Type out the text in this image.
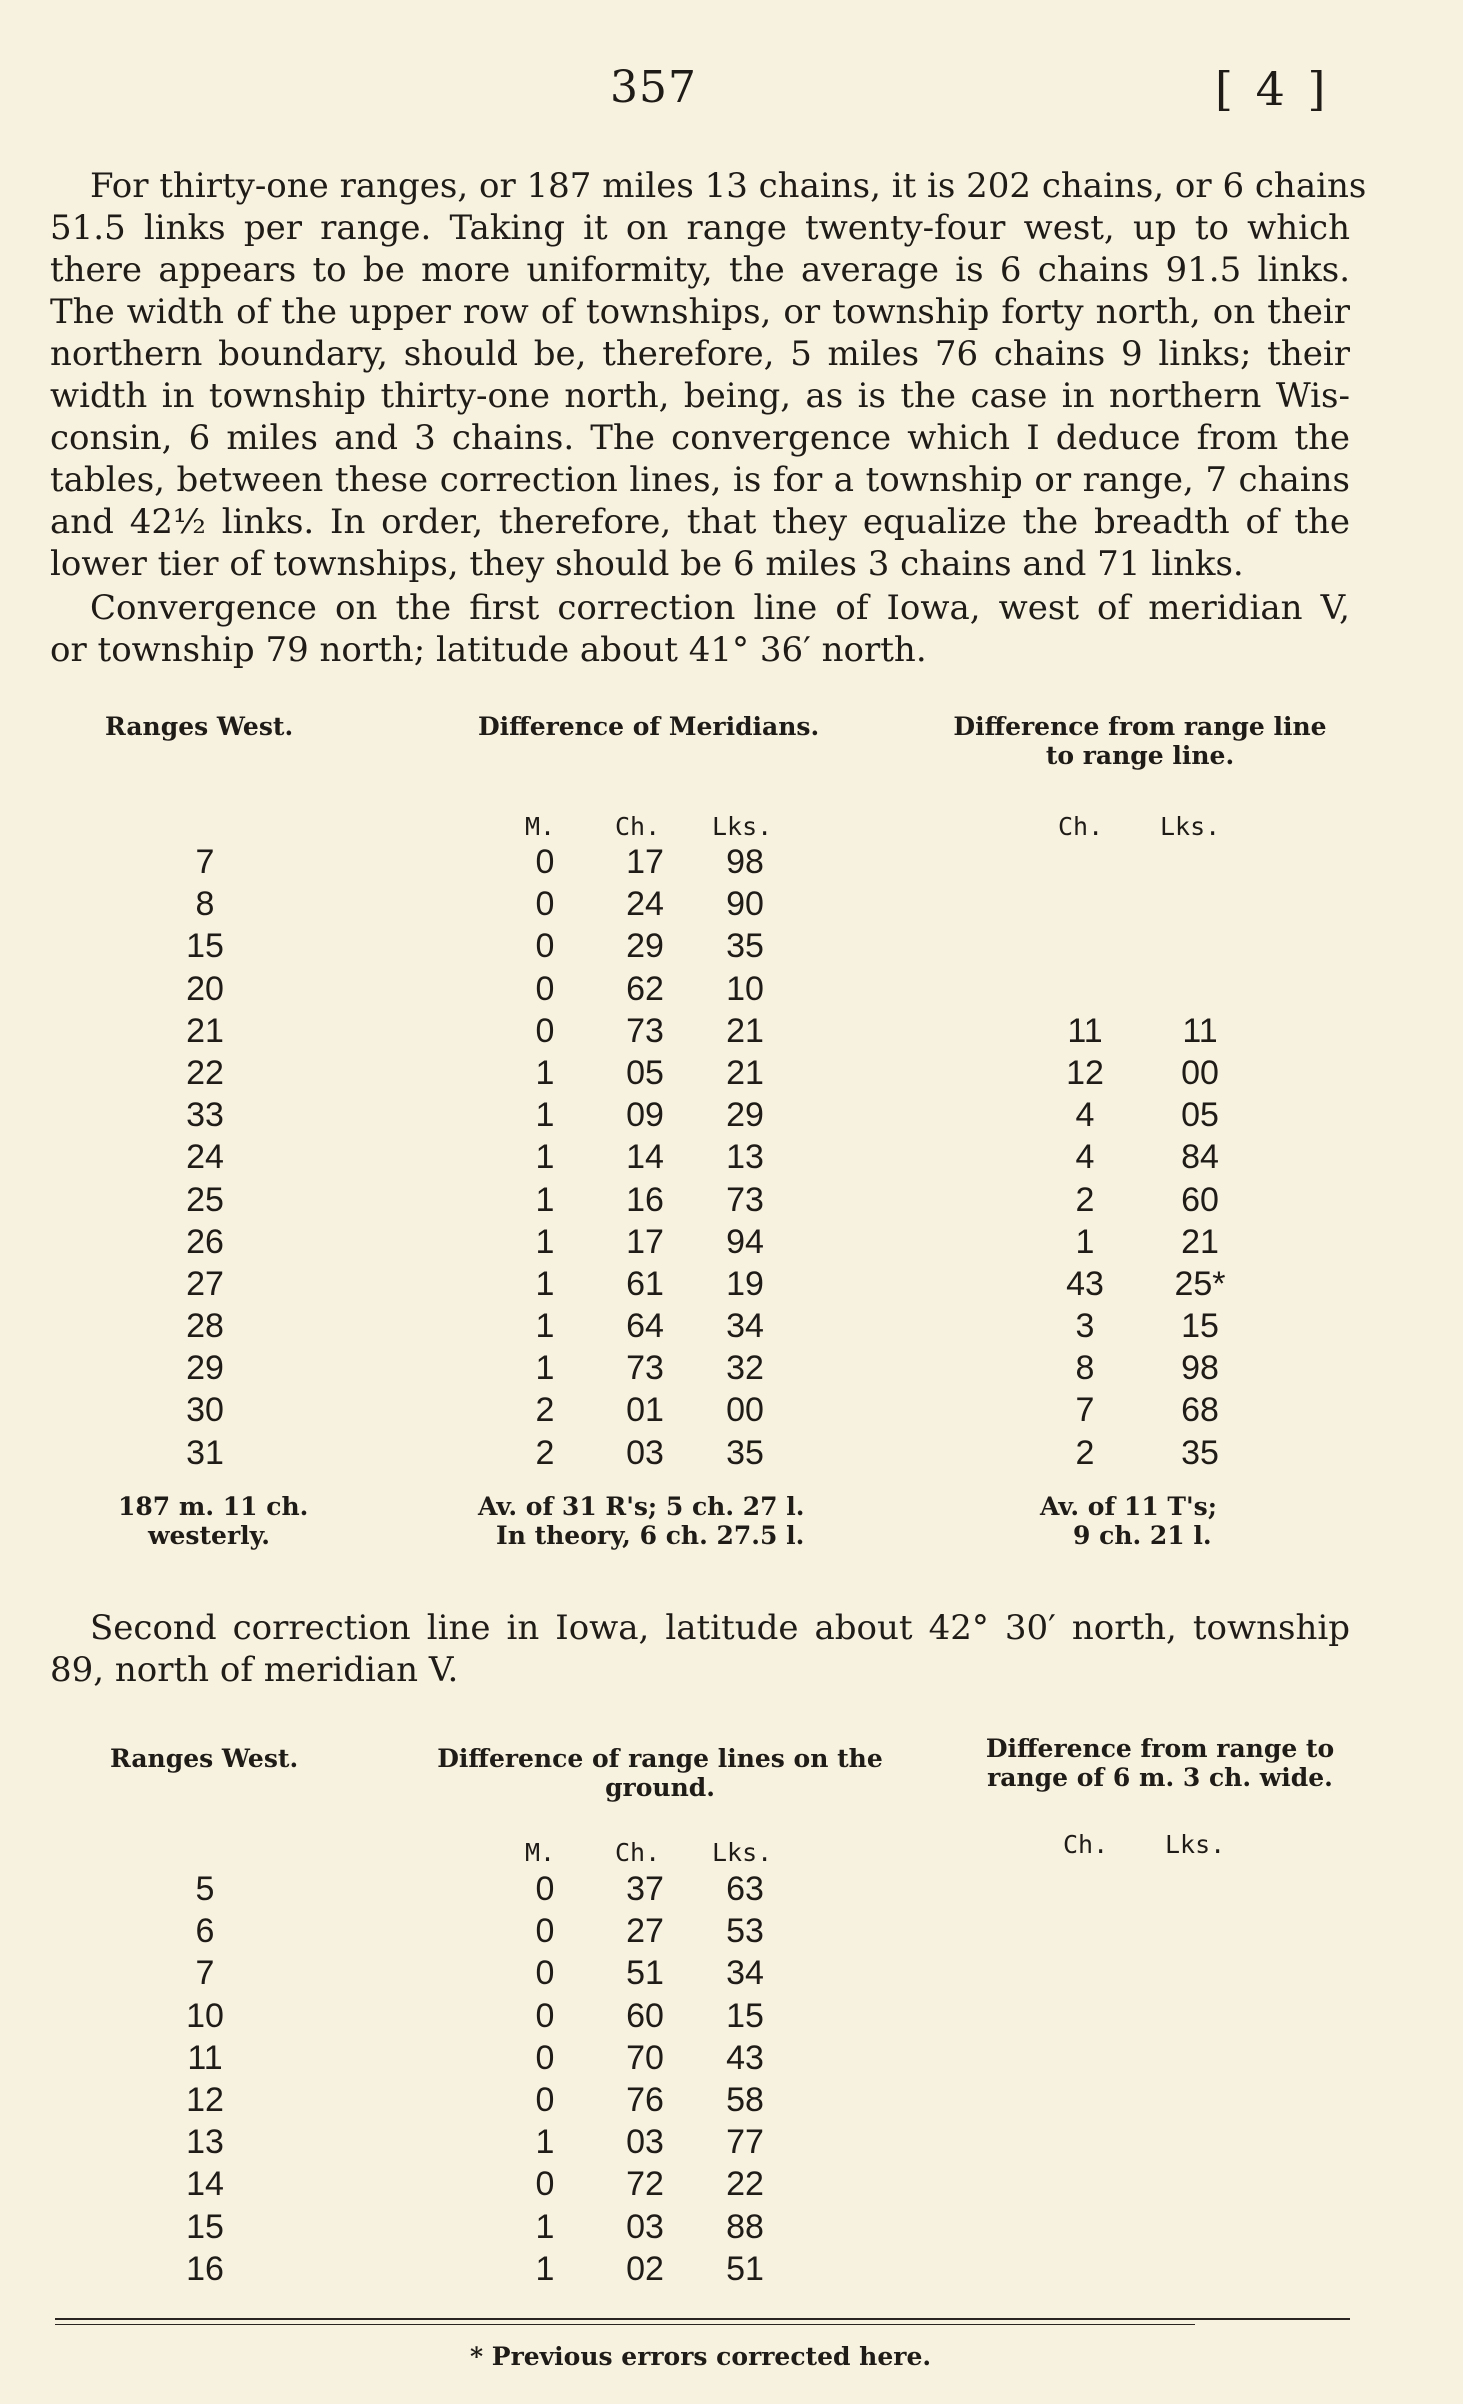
357	[ 4 ]
For thirty-one ranges, or 187 miles 13 chains, it is 202 chains, or 6 chains
51.5 links per range. Taking it on range twenty-four west, up to which
there appears to be more uniformity, the average is 6 chains 91.5 links.
The width of the upper row of townships, or township forty north, on their
northern boundary, should be, therefore, 5 miles 76 chains 9 links; their
width in township thirty-one north, being, as is the case in northern Wis-
consin, 6 miles and 3 chains. The convergence which I deduce from the
tables, between these correction lines, is for a township or range, 7 chains
and 42½ links. In order, therefore, that they equalize the breadth of the
lower tier of townships, they should be 6 miles 3 chains and 71 links.
Convergence on the first correction line of Iowa, west of meridian V,
or township 79 north; latitude about 41° 36′ north.
Ranges West.	Difference of Meridians.	Difference from range line
to range line.
M. Ch. Lks.	Ch. Lks.
7	0	17	98
8	0	24	90
15	0	29	35
20	0	62	10
21	0	73	21	11	11
22	1	05	21	12	00
33	1	09	29	4	05
24	1	14	13	4	84
25	1	16	73	2	60
26	1	17	94	1	21
27	1	61	19	43	25*
28	1	64	34	3	15
29	1	73	32	8	98
30	2	01	00	7	68
31	2	03	35	2	35
187 m. 11 ch.
westerly.
Av. of 31 R's; 5 ch. 27 l.
In theory, 6 ch. 27.5 l.
Av. of 11 T's;
9 ch. 21 l.
Second correction line in Iowa, latitude about 42° 30′ north, township
89, north of meridian V.
Ranges West.	Difference of range lines on the
ground.
Difference from range to
range of 6 m. 3 ch. wide.
M. Ch. Lks.	Ch. Lks.
5	0	37	63
6	0	27	53
7	0	51	34
10	0	60	15
11	0	70	43
12	0	76	58
13	1	03	77
14	0	72	22
15	1	03	88
16	1	02	51
* Previous errors corrected here.
